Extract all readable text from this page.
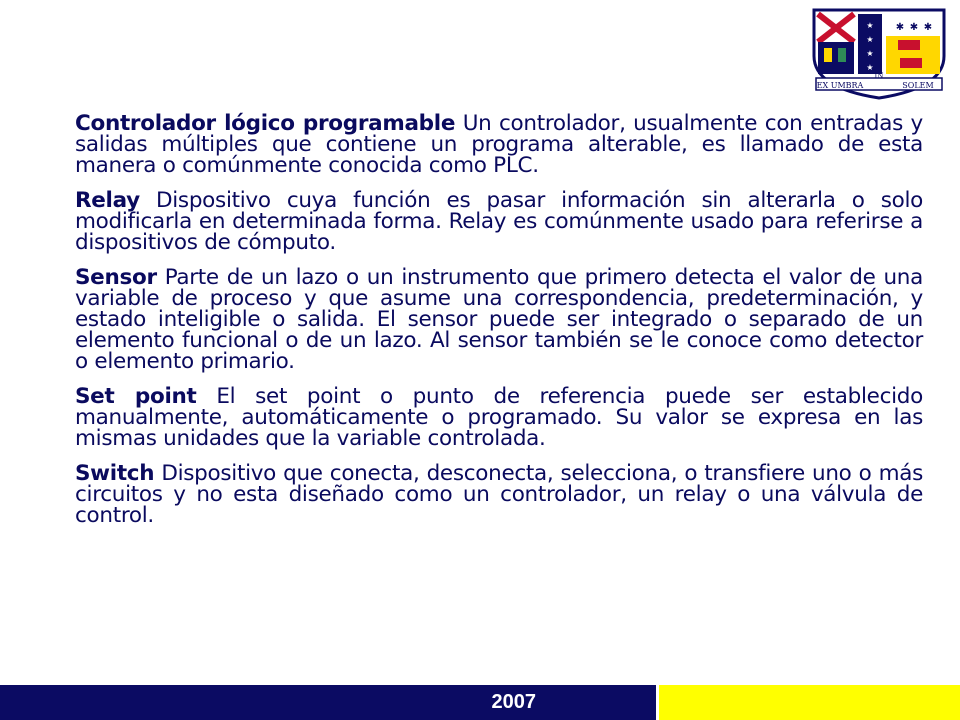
★
★
★
★
✱ ✱ ✱
EX UMBRA
IN
SOLEM

Controlador lógico programable Un controlador, usualmente con entradas y salidas múltiples que contiene un programa alterable, es llamado de esta manera o comúnmente conocida como PLC.

Relay Dispositivo cuya función es pasar información sin alterarla o solo modificarla en determinada forma. Relay es comúnmente usado para referirse a dispositivos de cómputo.

Sensor Parte de un lazo o un instrumento que primero detecta el valor de una variable de proceso y que asume una correspondencia, predeterminación, y estado inteligible o salida. El sensor puede ser integrado o separado de un elemento funcional o de un lazo. Al sensor también se le conoce como detector o elemento primario.

Set point El set point o punto de referencia puede ser establecido manualmente, automáticamente o programado. Su valor se expresa en las mismas unidades que la variable controlada.

Switch Dispositivo que conecta, desconecta, selecciona, o transfiere uno o más circuitos y no esta diseñado como un controlador, un relay o una válvula de control.

2007
